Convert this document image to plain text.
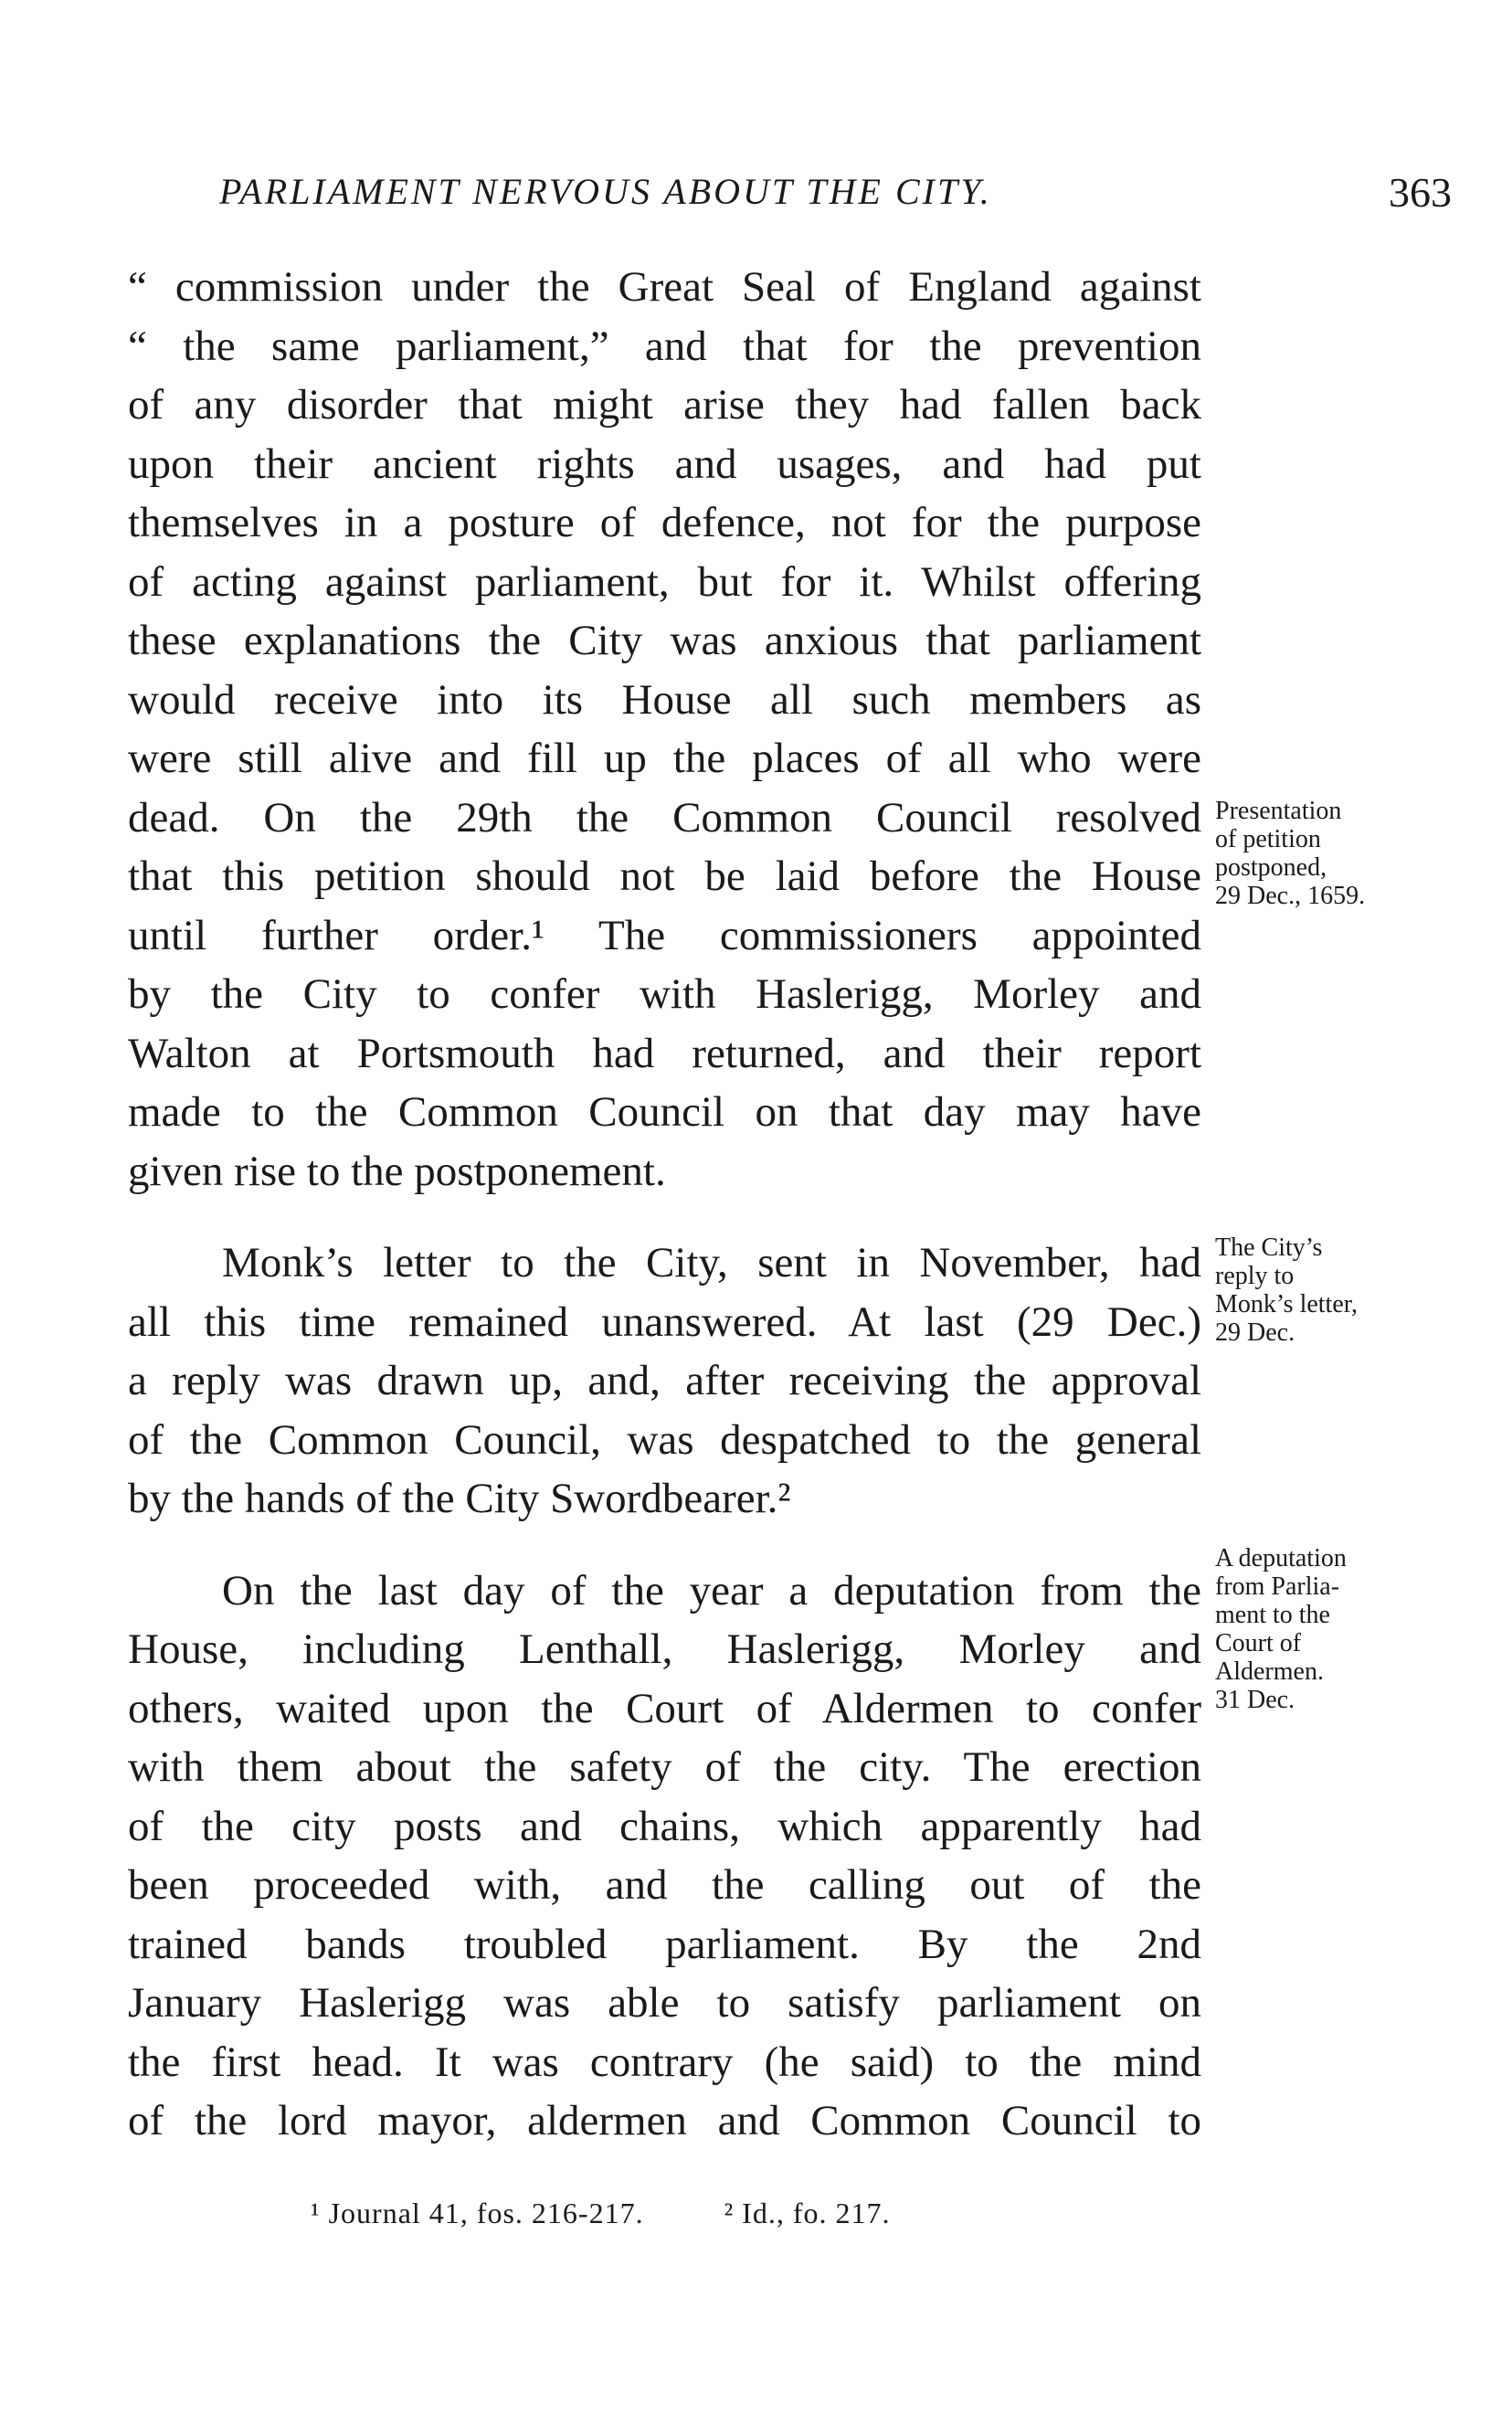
PARLIAMENT NERVOUS ABOUT THE CITY.	363
“ commission under the Great Seal of England against
“ the same parliament,” and that for the prevention
of any disorder that might arise they had fallen back
upon their ancient rights and usages, and had put
themselves in a posture of defence, not for the purpose
of acting against parliament, but for it. Whilst offering
these explanations the City was anxious that parliament
would receive into its House all such members as
were still alive and fill up the places of all who were
dead. On the 29th the Common Council resolved
that this petition should not be laid before the House
until further order.¹ The commissioners appointed
by the City to confer with Haslerigg, Morley and
Walton at Portsmouth had returned, and their report
made to the Common Council on that day may have
given rise to the postponement.
Monk’s letter to the City, sent in November, had
all this time remained unanswered. At last (29 Dec.)
a reply was drawn up, and, after receiving the approval
of the Common Council, was despatched to the general
by the hands of the City Swordbearer.²
On the last day of the year a deputation from the
House, including Lenthall, Haslerigg, Morley and
others, waited upon the Court of Aldermen to confer
with them about the safety of the city. The erection
of the city posts and chains, which apparently had
been proceeded with, and the calling out of the
trained bands troubled parliament. By the 2nd
January Haslerigg was able to satisfy parliament on
the first head. It was contrary (he said) to the mind
of the lord mayor, aldermen and Common Council to
Presentation
of petition
postponed,
29 Dec., 1659.
The City’s
reply to
Monk’s letter,
29 Dec.
A deputation
from Parlia-
ment to the
Court of
Aldermen.
31 Dec.
¹ Journal 41, fos. 216-217.	² Id., fo. 217.
